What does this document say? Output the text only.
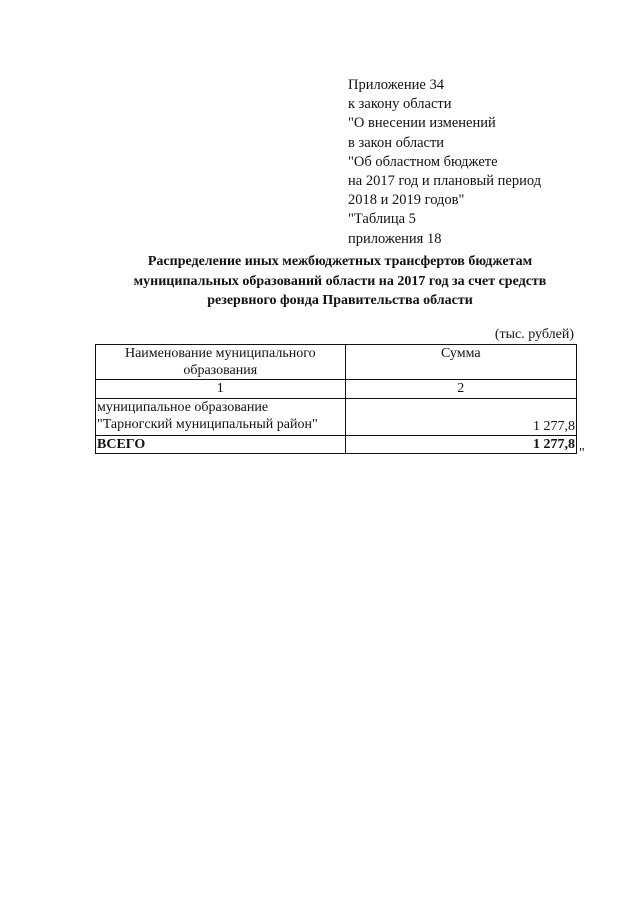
Приложение 34
к закону области
"О внесении изменений
в закон области
"Об областном бюджете
на 2017 год и плановый период
2018 и 2019 годов"
"Таблица 5
приложения 18
Распределение иных межбюджетных трансфертов бюджетам
муниципальных образований области на 2017 год за счет средств
резервного фонда Правительства области
(тыс. рублей)
Наименование муниципального образования	Сумма
1	2

муниципальное образование
"Тарногский муниципальный район"	1 277,8
ВСЕГО	1 277,8
"
